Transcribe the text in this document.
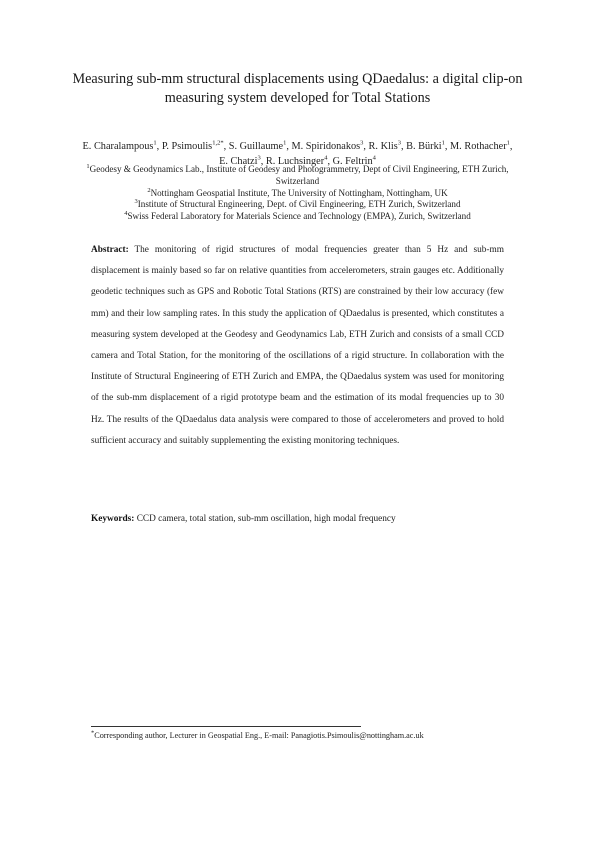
Measuring sub-mm structural displacements using QDaedalus: a digital clip-on measuring system developed for Total Stations
E. Charalampous$^1$, P. Psimoulis$^{1,2*}$, S. Guillaume$^1$, M. Spiridonakos$^3$, R. Klis$^3$, B. Bürki$^1$, M. Rothacher$^1$, E. Chatzi$^3$, R. Luchsinger$^4$, G. Feltrin$^4$
$^1$Geodesy & Geodynamics Lab., Institute of Geodesy and Photogrammetry, Dept of Civil Engineering, ETH Zurich, Switzerland
$^2$Nottingham Geospatial Institute, The University of Nottingham, Nottingham, UK
$^3$Institute of Structural Engineering, Dept. of Civil Engineering, ETH Zurich, Switzerland
$^4$Swiss Federal Laboratory for Materials Science and Technology (EMPA), Zurich, Switzerland
Abstract: The monitoring of rigid structures of modal frequencies greater than 5 Hz and sub-mm displacement is mainly based so far on relative quantities from accelerometers, strain gauges etc. Additionally geodetic techniques such as GPS and Robotic Total Stations (RTS) are constrained by their low accuracy (few mm) and their low sampling rates. In this study the application of QDaedalus is presented, which constitutes a measuring system developed at the Geodesy and Geodynamics Lab, ETH Zurich and consists of a small CCD camera and Total Station, for the monitoring of the oscillations of a rigid structure. In collaboration with the Institute of Structural Engineering of ETH Zurich and EMPA, the QDaedalus system was used for monitoring of the sub-mm displacement of a rigid prototype beam and the estimation of its modal frequencies up to 30 Hz. The results of the QDaedalus data analysis were compared to those of accelerometers and proved to hold sufficient accuracy and suitably supplementing the existing monitoring techniques.
Keywords: CCD camera, total station, sub-mm oscillation, high modal frequency
*Corresponding author, Lecturer in Geospatial Eng., E-mail: Panagiotis.Psimoulis@nottingham.ac.uk
